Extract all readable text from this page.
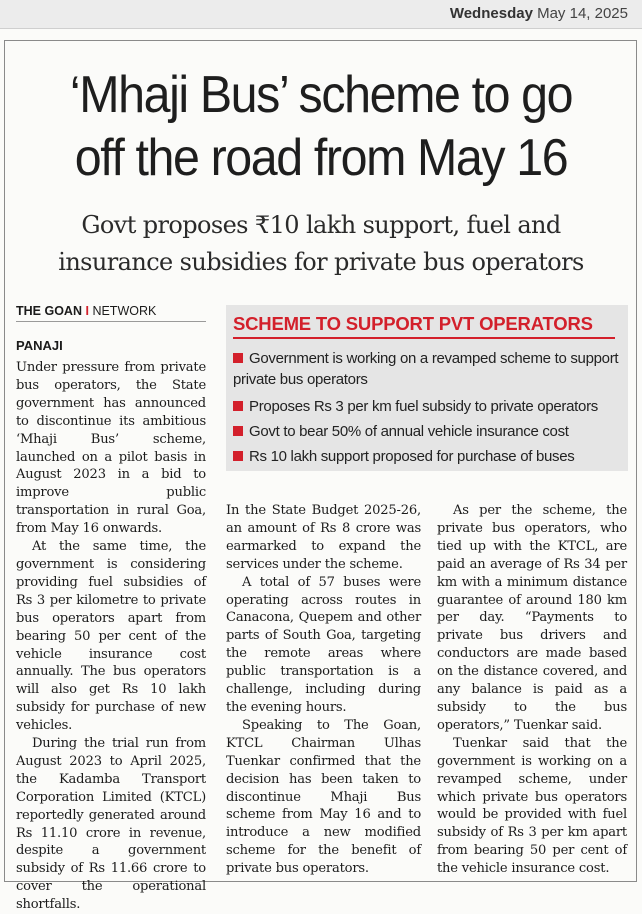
Wednesday May 14, 2025
‘Mhaji Bus’ scheme to go
off the road from May 16
Govt proposes ₹10 lakh support, fuel and
insurance subsidies for private bus operators
THE GOAN I NETWORK
PANAJI

Under pressure from private bus operators, the State government has announced to discontinue its ambitious ‘Mhaji Bus’ scheme, launched on a pilot basis in August 2023 in a bid to improve public transportation in rural Goa, from May 16 onwards.

At the same time, the government is considering providing fuel subsidies of Rs 3 per kilometre to private bus operators apart from bearing 50 per cent of the vehicle insurance cost annually. The bus operators will also get Rs 10 lakh subsidy for purchase of new vehicles.

During the trial run from August 2023 to April 2025, the Kadamba Transport Corporation Limited (KTCL) reportedly generated around Rs 11.10 crore in revenue, despite a government subsidy of Rs 11.66 crore to cover the operational shortfalls.

SCHEME TO SUPPORT PVT OPERATORS
Government is working on a revamped scheme to support private bus operators
Proposes Rs 3 per km fuel subsidy to private operators
Govt to bear 50% of annual vehicle insurance cost
Rs 10 lakh support proposed for purchase of buses

In the State Budget 2025-26, an amount of Rs 8 crore was earmarked to expand the services under the scheme.

A total of 57 buses were operating across routes in Canacona, Quepem and other parts of South Goa, targeting the remote areas where public transportation is a challenge, including during the evening hours.

Speaking to The Goan, KTCL Chairman Ulhas Tuenkar confirmed that the decision has been taken to discontinue Mhaji Bus scheme from May 16 and to introduce a new modified scheme for the benefit of private bus operators.

As per the scheme, the private bus operators, who tied up with the KTCL, are paid an average of Rs 34 per km with a minimum distance guarantee of around 180 km per day. “Payments to private bus drivers and conductors are made based on the distance covered, and any balance is paid as a subsidy to the bus operators,” Tuenkar said.

Tuenkar said that the government is working on a revamped scheme, under which private bus operators would be provided with fuel subsidy of Rs 3 per km apart from bearing 50 per cent of the vehicle insurance cost.
